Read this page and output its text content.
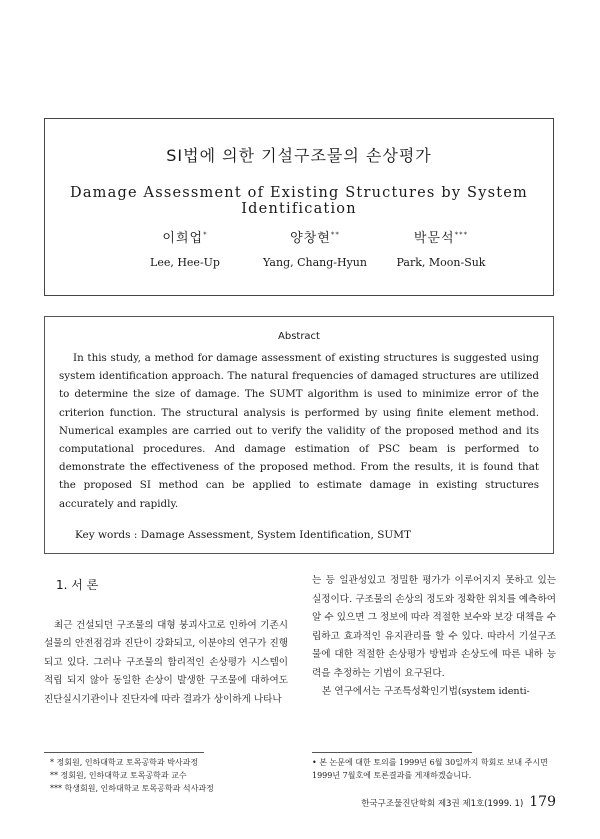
SI법에 의한 기설구조물의 손상평가
Damage Assessment of Existing Structures by System Identification
이희업*
Lee, Hee-Up
양창현**
Yang, Chang-Hyun
박문석***
Park, Moon-Suk
Abstract

In this study, a method for damage assessment of existing structures is suggested using system identification approach. The natural frequencies of damaged structures are utilized to determine the size of damage. The SUMT algorithm is used to minimize error of the criterion function. The structural analysis is performed by using finite element method. Numerical examples are carried out to verify the validity of the proposed method and its computational procedures. And damage estimation of PSC beam is performed to demonstrate the effectiveness of the proposed method. From the results, it is found that the proposed SI method can be applied to estimate damage in existing structures accurately and rapidly.

Key words : Damage Assessment, System Identification, SUMT
1. 서 론

최근 건설되던 구조물의 대형 붕괴사고로 인하여 기존시설물의 안전점검과 진단이 강화되고, 이분야의 연구가 진행되고 있다. 그러나 구조물의 합리적인 손상평가 시스템이 적립 되지 않아 동일한 손상이 발생한 구조물에 대하여도 진단실시기관이나 진단자에 따라 결과가 상이하게 나타나

는 등 일관성있고 정밀한 평가가 이루어지지 못하고 있는 실정이다. 구조물의 손상의 정도와 정확한 위치를 예측하여 알 수 있으면 그 정보에 따라 적절한 보수와 보강 대책을 수립하고 효과적인 유지관리를 할 수 있다. 따라서 기설구조물에 대한 적절한 손상평가 방법과 손상도에 따른 내하 능력을 추정하는 기법이 요구된다.

본 연구에서는 구조특성확인기법(system identi-

* 정회원, 인하대학교 토목공학과 박사과정
** 정회원, 인하대학교 토목공학과 교수
*** 학생회원, 인하대학교 토목공학과 석사과정
• 본 논문에 대한 토의를 1999년 6월 30일까지 학회로 보내 주시면 1999년 7월호에 토론결과를 게재하겠습니다.
한국구조물진단학회 제3권 제1호(1999. 1) 179
